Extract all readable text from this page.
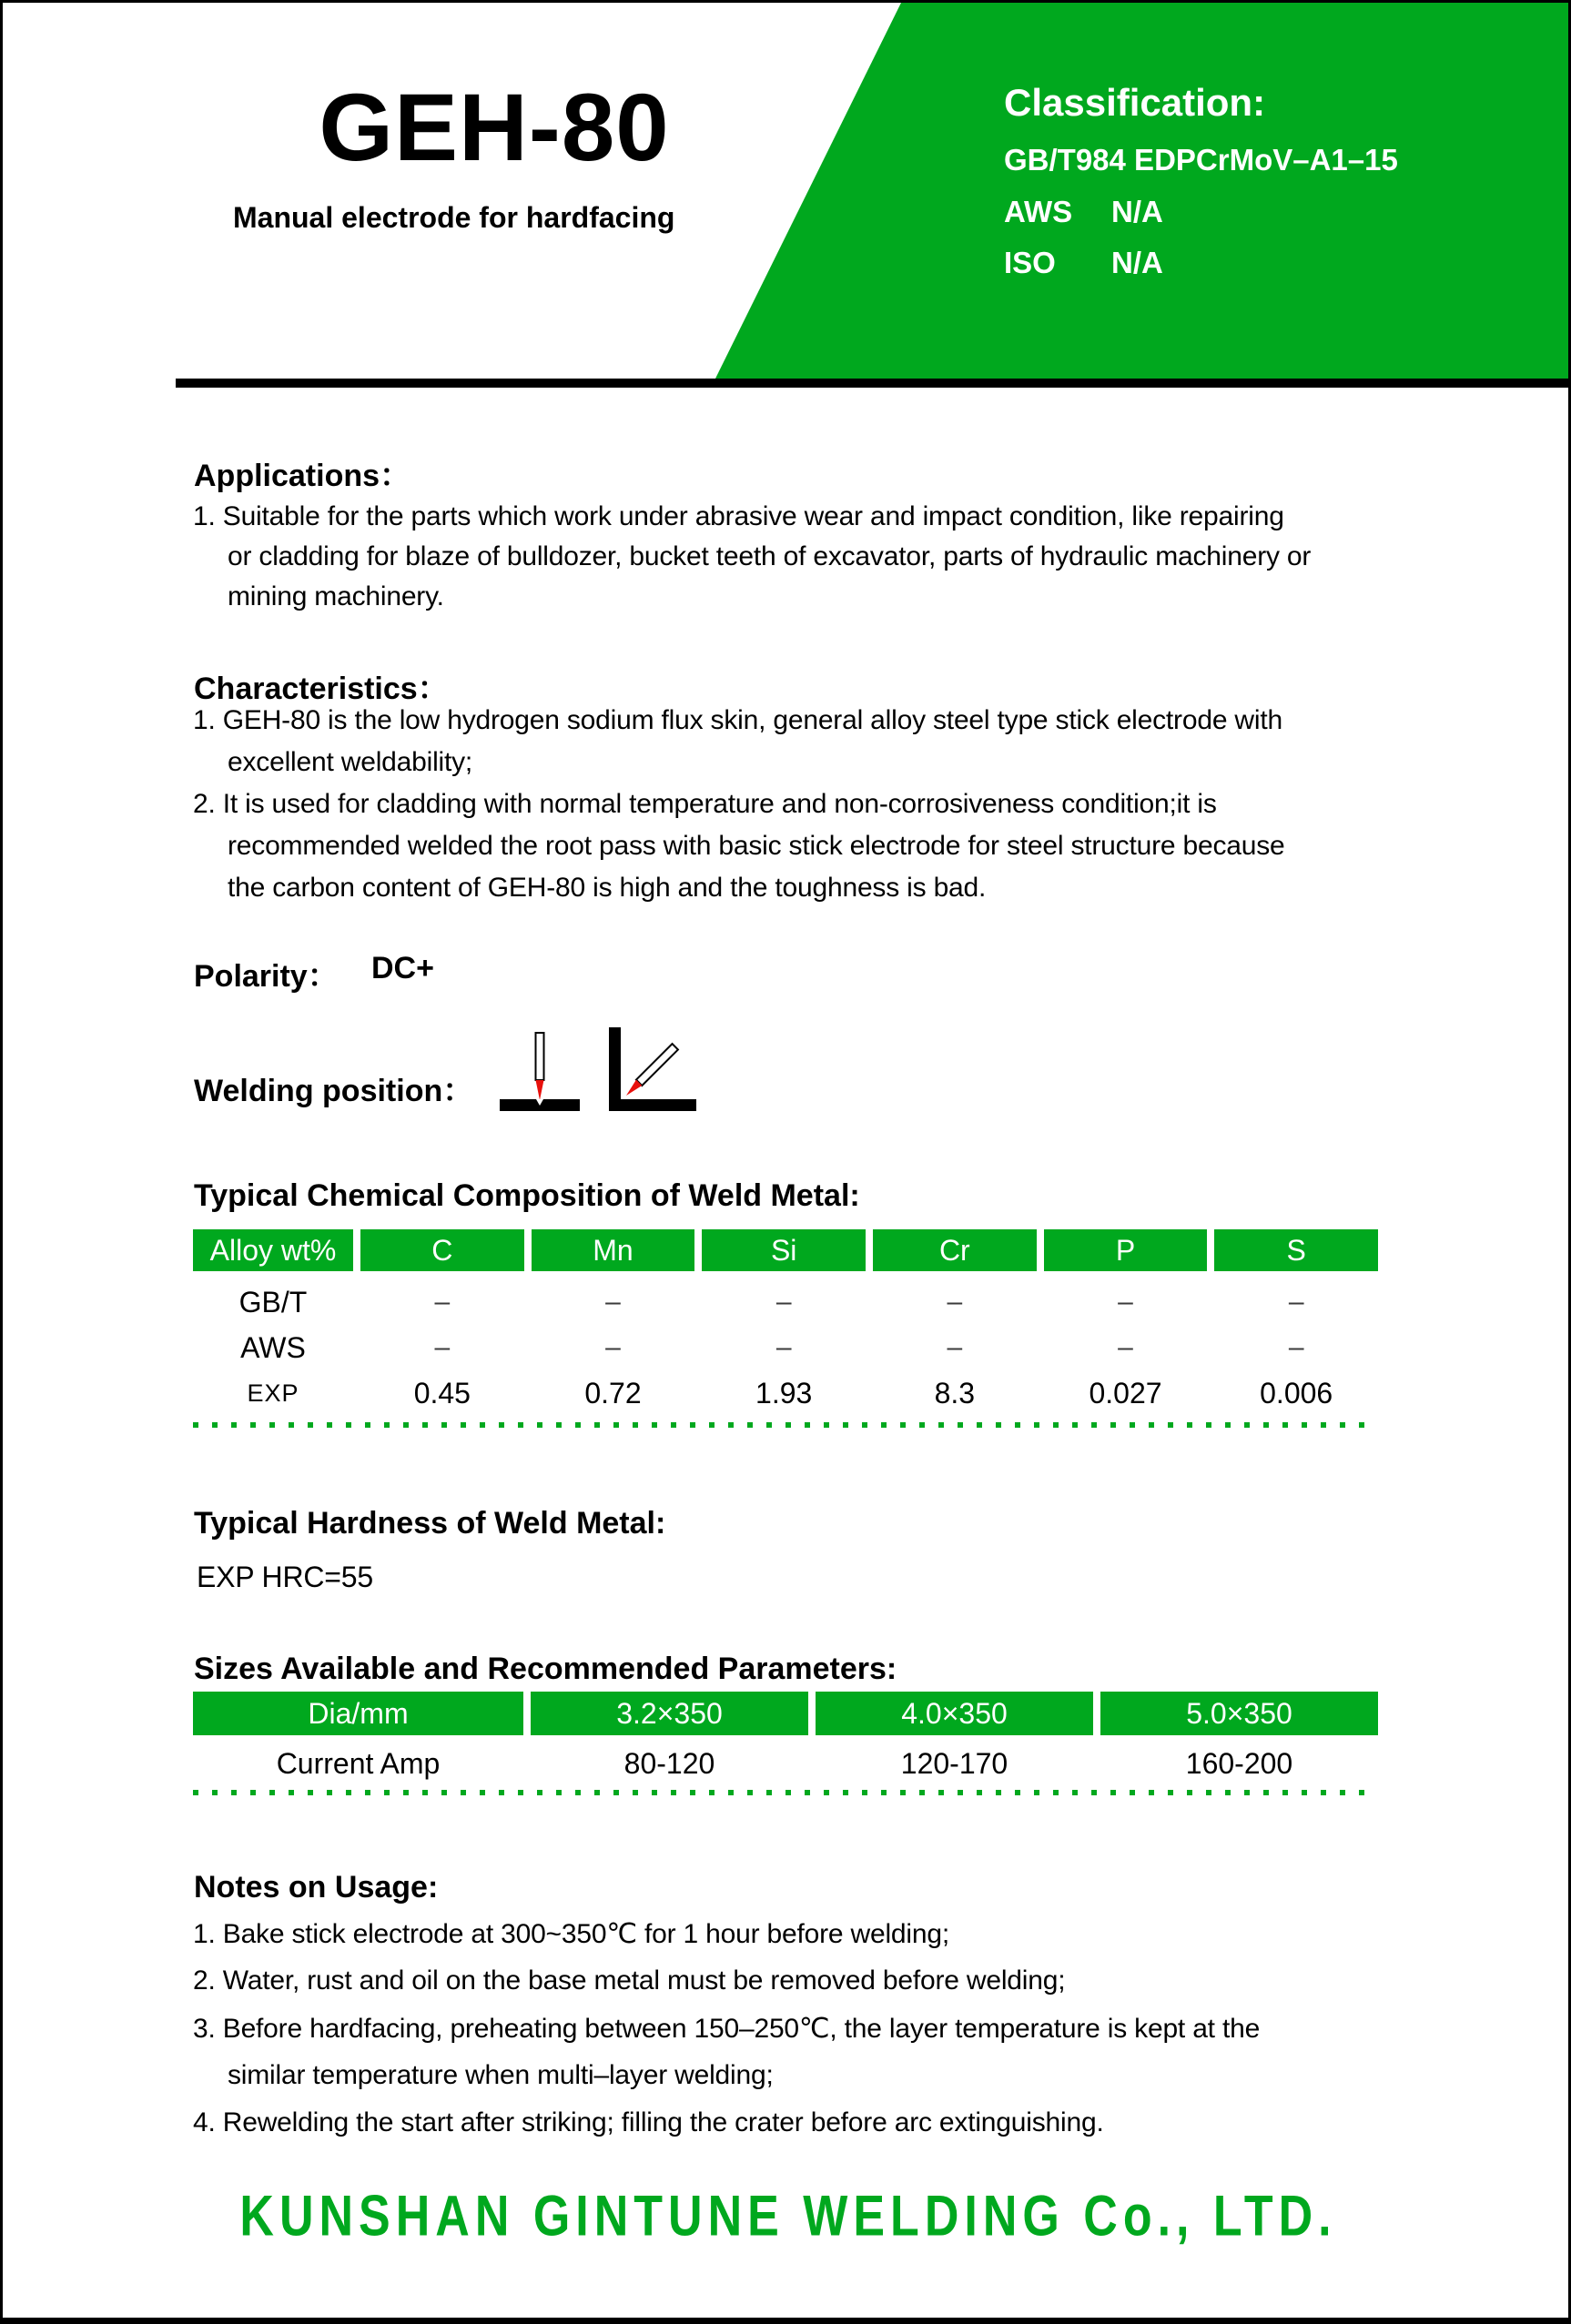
GEH-80
Manual electrode for hardfacing
Classification:
GB/T984 EDPCrMoV–A1–15
AWS	N/A
ISO	N/A
Applications：
1. Suitable for the parts which work under abrasive wear and impact condition, like repairing
or cladding for blaze of bulldozer, bucket teeth of excavator, parts of hydraulic machinery or
mining machinery.
Characteristics：
1. GEH-80 is the low hydrogen sodium flux skin, general alloy steel type stick electrode with
excellent weldability;
2. It is used for cladding with normal temperature and non-corrosiveness condition;it is
recommended welded the root pass with basic stick electrode for steel structure because
the carbon content of GEH-80 is high and the toughness is bad.
Polarity： DC+
Welding position：
Typical Chemical Composition of Weld Metal:
Alloy wt%	C	Mn	Si	Cr	P	S
GB/T	–	–	–	–	–	–
AWS	–	–	–	–	–	–
EXP	0.45	0.72	1.93	8.3	0.027	0.006
Typical Hardness of Weld Metal:
EXP HRC=55
Sizes Available and Recommended Parameters:
Dia/mm	3.2×350	4.0×350	5.0×350
Current Amp	80-120	120-170	160-200
Notes on Usage:
1. Bake stick electrode at 300~350℃ for 1 hour before welding;
2. Water, rust and oil on the base metal must be removed before welding;
3. Before hardfacing, preheating between 150–250℃, the layer temperature is kept at the
similar temperature when multi–layer welding;
4. Rewelding the start after striking; filling the crater before arc extinguishing.
KUNSHAN GINTUNE WELDING Co., LTD.
